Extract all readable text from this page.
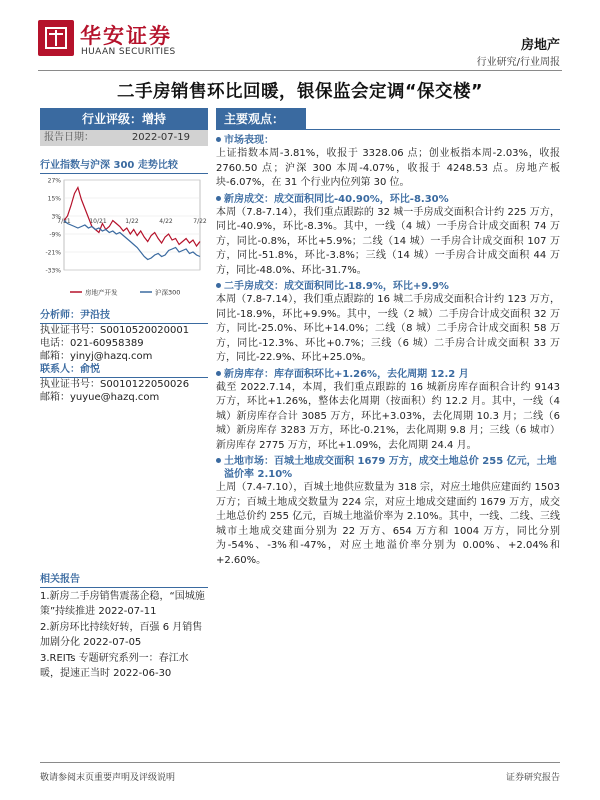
华安证券
HUAAN SECURITIES	房地产
行业研究/行业周报
二手房销售环比回暖，银保监会定调“保交楼”
行业评级：增持
报告日期：	2022-07-19
行业指数与沪深 300 走势比较
27%
15%
3%
-9%
-21%
-33%
7/21	10/21	1/22	4/22	7/22
房地产开发	沪深300
分析师：尹沿技
执业证书号：S0010520020001
电话：021-60958389
邮箱：yinyj@hazq.com
联系人：俞悦
执业证书号：S0010122050026
邮箱：yuyue@hazq.com
相关报告
1.新房二手房销售震荡企稳，“国城施策”持续推进 2022-07-11
2.新房环比持续好转，百强 6 月销售加剧分化 2022-07-05
3.REITs 专题研究系列一：春江水暖，提速正当时 2022-06-30
主要观点：
市场表现：
上证指数本周-3.81%，收报于 3328.06 点；创业板指本周-2.03%，收报 2760.50 点；沪深 300 本周-4.07%，收报于 4248.53 点。房地产板块-6.07%，在 31 个行业内位列第 30 位。
新房成交：成交面积同比-40.90%，环比-8.30%
本周（7.8-7.14），我们重点跟踪的 32 城一手房成交面积合计约 225 万方，同比-40.9%，环比-8.3%。其中，一线（4 城）一手房合计成交面积 74 万方，同比-0.8%，环比+5.9%；二线（14 城）一手房合计成交面积 107 万方，同比-51.8%，环比-3.8%；三线（14 城）一手房合计成交面积 44 万方，同比-48.0%、环比-31.7%。
二手房成交：成交面积同比-18.9%，环比+9.9%
本周（7.8-7.14），我们重点跟踪的 16 城二手房成交面积合计约 123 万方，同比-18.9%，环比+9.9%。其中，一线（2 城）二手房合计成交面积 32 万方，同比-25.0%、环比+14.0%；二线（8 城）二手房合计成交面积 58 万方，同比-12.3%、环比+0.7%；三线（6 城）二手房合计成交面积 33 万方，同比-22.9%、环比+25.0%。
新房库存：库存面积环比+1.26%，去化周期 12.2 月
截至 2022.7.14，本周，我们重点跟踪的 16 城新房库存面积合计约 9143 万方，环比+1.26%，整体去化周期（按面积）约 12.2 月。其中，一线（4 城）新房库存合计 3085 万方，环比+3.03%，去化周期 10.3 月；二线（6 城）新房库存 3283 万方，环比-0.21%，去化周期 9.8 月；三线（6 城市）新房库存 2775 万方，环比+1.09%，去化周期 24.4 月。
土地市场：百城土地成交面积 1679 万方，成交土地总价 255 亿元，土地溢价率 2.10%
上周（7.4-7.10），百城土地供应数量为 318 宗，对应土地供应建面约 1503 万方；百城土地成交数量为 224 宗，对应土地成交建面约 1679 万方，成交土地总价约 255 亿元，百城土地溢价率为 2.10%。其中，一线、二线、三线城市土地成交建面分别为 22 万方、654 万方和 1004 万方，同比分别为-54%、-3%和-47%，对应土地溢价率分别为 0.00%、+2.04%和+2.60%。
敬请参阅末页重要声明及评级说明	证券研究报告
